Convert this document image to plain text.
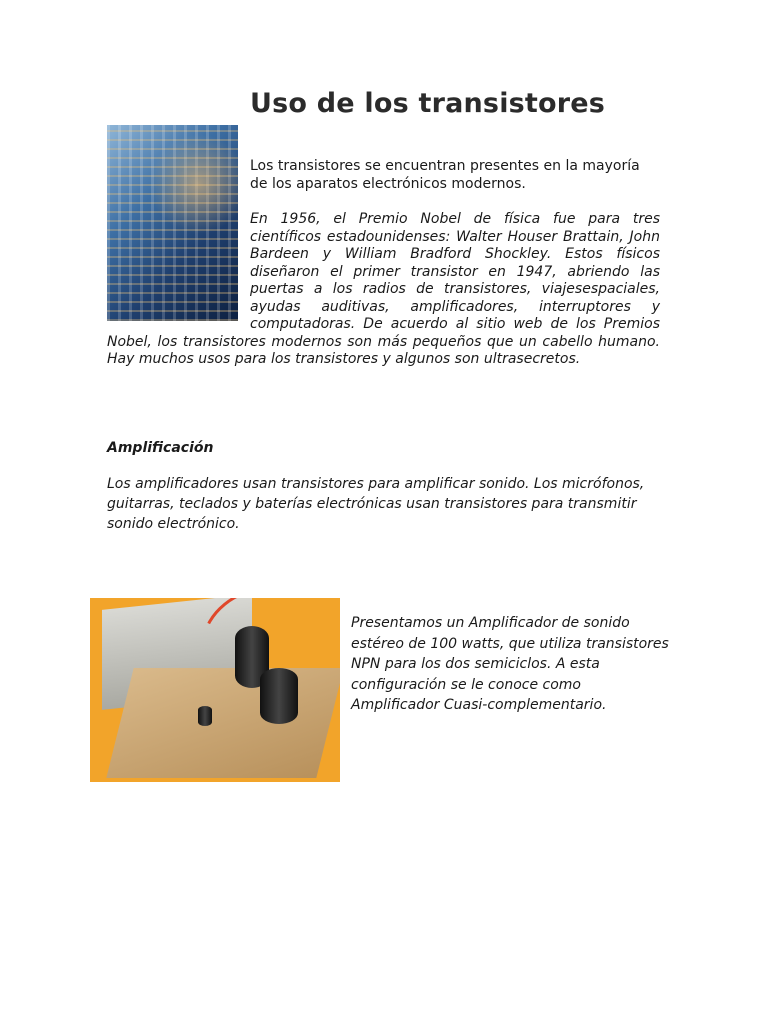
Uso de los transistores

Los transistores se encuentran presentes en la mayoría de los aparatos electrónicos modernos.

En 1956, el Premio Nobel de física fue para tres científicos estadounidenses: Walter Houser Brattain, John Bardeen y William Bradford Shockley. Estos físicos diseñaron el primer transistor en 1947, abriendo las puertas a los radios de transistores, viajesespaciales, ayudas auditivas, amplificadores, interruptores y computadoras. De acuerdo al sitio web de los Premios Nobel, los transistores modernos son más pequeños que un cabello humano. Hay muchos usos para los transistores y algunos son ultrasecretos.

Amplificación

Los amplificadores usan transistores para amplificar sonido. Los micrófonos, guitarras, teclados y baterías electrónicas usan transistores para transmitir sonido electrónico.

Presentamos un Amplificador de sonido estéreo de 100 watts, que utiliza transistores NPN para los dos semiciclos. A esta configuración se le conoce como Amplificador Cuasi-complementario.
